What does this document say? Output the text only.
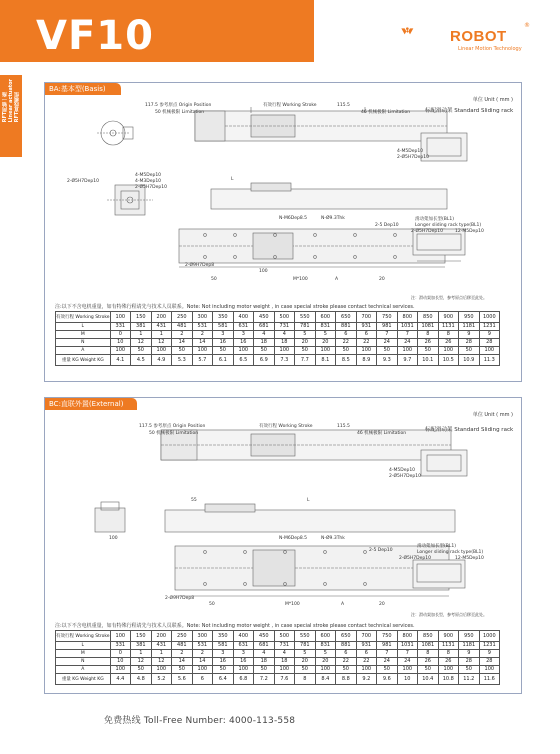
VF10	ROBOT
®
Linear Motion Technology
RFT两轴一拖
Linear actuator
RFT直线模组
BA:基本型(Basis)
单位 Unit ( mm )
117.5 参考原点 Origin Position
50 机械极限 Limitation
有效行程 Working Stroke	115.5
46 机械极限 Limitation	标配滑动架 Standard Sliding rack
4-M5Dep10
2-Ø5H7Dep10
4-M5Dep10
4-M3Dep10
2-Ø5H7Dep10
2-Ø5H7Dep10
L
N-M6Dep8.5	N-Ø9.3Thk
2-5 Dep10
2-Ø9H7Dep8
100
M*100	A
50	20
滑动架加长型(BL1)
Longer sliding rack type(BL1)
2-Ø5H7Dep10	12-M5Dep10
注：滑动架加长型，参考原点后移至此处。
注:以下不含电机重量，如有特殊行程请先与技术人员联系。Note: Not including motor weight , in case special stroke please contact technical services.
有效行程 Working Stroke	100	150	200	250	300	350	400	450	500	550	600	650	700	750	800	850	900	950	1000
L	331	381	431	481	531	581	631	681	731	781	831	881	931	981	1031	1081	1131	1181	1231
M	0	1	1	2	2	3	3	4	4	5	5	6	6	7	7	8	8	9	9
N	10	12	12	14	14	16	16	18	18	20	20	22	22	24	24	26	26	28	28
A	100	50	100	50	100	50	100	50	100	50	100	50	100	50	100	50	100	50	100
重量 KG Weight KG	4.1	4.5	4.9	5.3	5.7	6.1	6.5	6.9	7.3	7.7	8.1	8.5	8.9	9.3	9.7	10.1	10.5	10.9	11.3
BC:直联外置(External)
单位 Unit ( mm )
117.5 参考原点 Origin Position
50 机械极限 Limitation
有效行程 Working Stroke	115.5
46 机械极限 Limitation
标配滑动架 Standard Sliding rack
4-M5Dep10
2-Ø5H7Dep10
55
100
L
N-M6Dep8.5	N-Ø9.3Thk
2-5 Dep10
2-Ø9H7Dep8
50	M*100	A	20
滑动架加长型(BL1)
Longer sliding rack type(BL1)
2-Ø5H7Dep10	12-M5Dep10
注：滑动架加长型，参考原点后移至此处。
注:以下不含电机重量，如有特殊行程请先与技术人员联系。Note: Not including motor weight , in case special stroke please contact technical services.
有效行程 Working Stroke	100	150	200	250	300	350	400	450	500	550	600	650	700	750	800	850	900	950	1000
L	331	381	431	481	531	581	631	681	731	781	831	881	931	981	1031	1081	1131	1181	1231
M	0	1	1	2	2	3	3	4	4	5	5	6	6	7	7	8	8	9	9
N	10	12	12	14	14	16	16	18	18	20	20	22	22	24	24	26	26	28	28
A	100	50	100	50	100	50	100	50	100	50	100	50	100	50	100	50	100	50	100
重量 KG Weight KG	4.4	4.8	5.2	5.6	6	6.4	6.8	7.2	7.6	8	8.4	8.8	9.2	9.6	10	10.4	10.8	11.2	11.6
免费热线 Toll-Free Number: 4000-113-558
